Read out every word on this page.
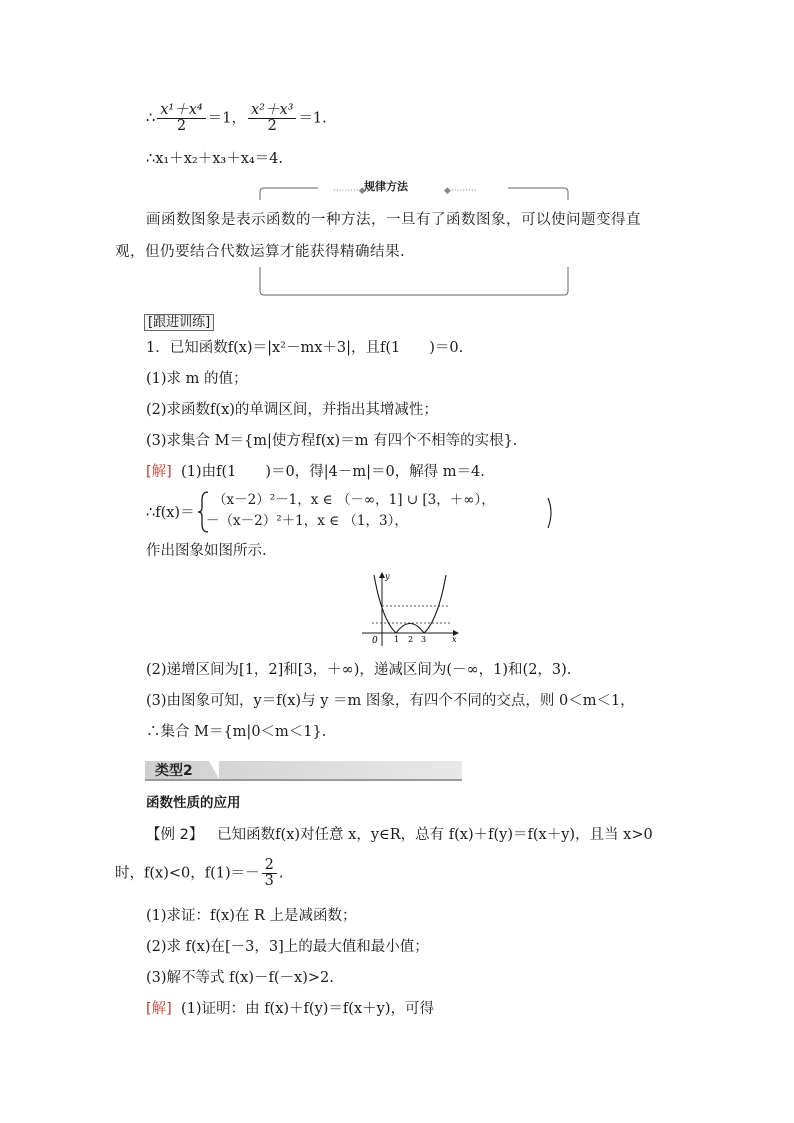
∴ $\frac{\text{x¹＋x⁴}}{2} =1$， $\frac{\text{x²＋x³}}{2} =1$.
∴x₁＋x₂＋x₃＋x₄＝4.
·········◆	◆·········
规律方法
画函数图象是表示函数的一种方法，一旦有了函数图象，可以使问题变得直
观，但仍要结合代数运算才能获得精确结果.
[跟进训练]
1．已知函数f(x)＝|x²－mx＋3|，且f(1　　)＝0.
(1)求 m 的值；
(2)求函数f(x)的单调区间，并指出其增减性；
(3)求集合 M＝{m|使方程f(x)＝m 有四个不相等的实根}.
[解] (1)由f(1　　)＝0，得|4－m|＝0，解得 m＝4.
∴f(x)＝
（x－2）²－1，x ∈ （－∞，1] ∪ [3，＋∞），
－（x－2）²＋1，x ∈ （1，3），
作出图象如图所示.
y
x
0 1 2 3
(2)递增区间为[1，2]和[3，＋∞)，递减区间为(－∞，1)和(2，3).
(3)由图象可知，y＝f(x)与 y ＝m 图象，有四个不同的交点，则 0＜m＜1，
∴集合 M＝{m|0＜m＜1}.
类型2
函数性质的应用
【例 2】 已知函数f(x)对任意 x，y∈R，总有 f(x)＋f(y)＝f(x＋y)，且当 x>0
时，f(x)<0，$f(1)=- \frac{2}{3}$ .
(1)求证：f(x)在 R 上是减函数；
(2)求 f(x)在[－3，3]上的最大值和最小值；
(3)解不等式 f(x)－f(－x)>2.
[解] (1)证明：由 f(x)＋f(y)＝f(x＋y)，可得
